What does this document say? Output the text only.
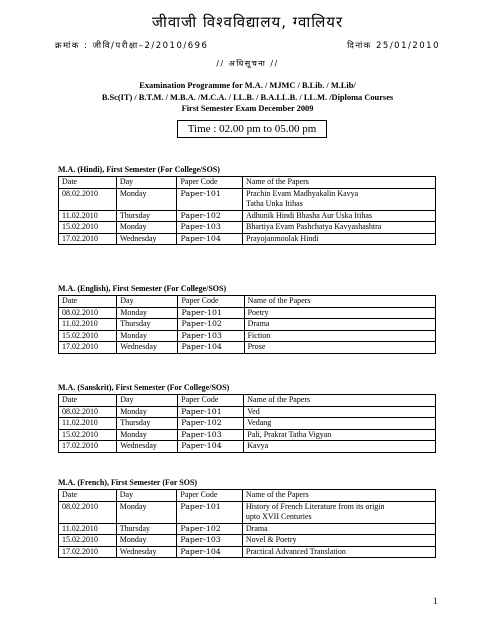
जीवाजी विश्वविद्यालय, ग्वालियर
क्रमांक : जीवि/परीक्षा–2/2010/696	दिनांक 25/01/2010
// अधिसूचना //
Examination Programme for M.A. / MJMC / B.Lib. / M.Lib/
B.Sc(IT) / B.T.M. / M.B.A. /M.C.A. / LL.B. / B.A.LL.B. / LL.M. /Diploma Courses
First Semester Exam December 2009
Time : 02.00 pm to 05.00 pm
M.A. (Hindi), First Semester (For College/SOS)
Date	Day	Paper Code	Name of the Papers
08.02.2010	Monday	Paper-101	Prachin Evam Madhyakalin Kavya
Tatha Unka Itihas

11.02.2010	Thursday	Paper-102	Adhunik Hindi Bhasha Aur Uska Itihas

15.02.2010	Monday	Paper-103	Bhartiya Evam Pashchatya Kavyashashtra

17.02.2010	Wednesday	Paper-104	Prayojanmoolak Hindi
M.A. (English), First Semester (For College/SOS)
Date	Day	Paper Code	Name of the Papers
08.02.2010	Monday	Paper-101	Poetry

11.02.2010	Thursday	Paper-102	Drama

15.02.2010	Monday	Paper-103	Fiction

17.02.2010	Wednesday	Paper-104	Prose
M.A. (Sanskrit), First Semester (For College/SOS)
Date	Day	Paper Code	Name of the Papers
08.02.2010	Monday	Paper-101	Ved

11.02.2010	Thursday	Paper-102	Vedang

15.02.2010	Monday	Paper-103	Pali, Prakrat Tatha Vigyan

17.02.2010	Wednesday	Paper-104	Kavya
M.A. (French), First Semester (For SOS)
Date	Day	Paper Code	Name of the Papers
08.02.2010	Monday	Paper-101	History of French Literature from its origin
upto XVII Centuries

11.02.2010	Thursday	Paper-102	Drama

15.02.2010	Monday	Paper-103	Novel & Poetry

17.02.2010	Wednesday	Paper-104	Practical Advanced Translation
1
